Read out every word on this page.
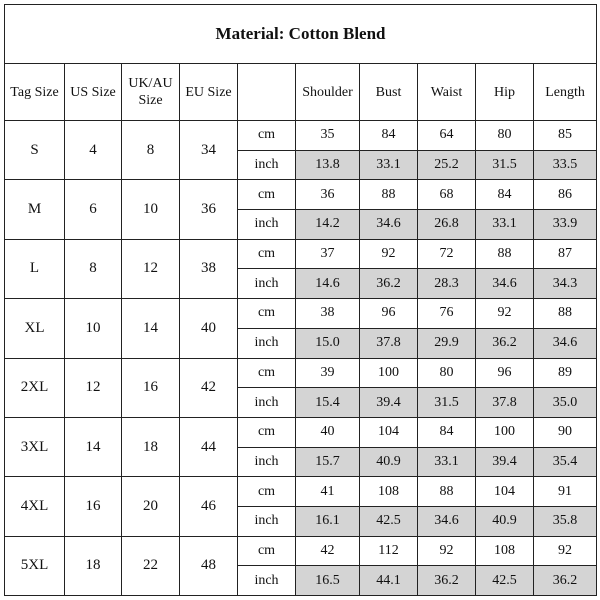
Material: Cotton Blend									
Tag Size	US Size	UK/AU Size	EU Size		Shoulder	Bust	Waist	Hip	Length
S	4	8	34	cm	35	84	64	80	85
				inch	13.8	33.1	25.2	31.5	33.5
M	6	10	36	cm	36	88	68	84	86
				inch	14.2	34.6	26.8	33.1	33.9
L	8	12	38	cm	37	92	72	88	87
				inch	14.6	36.2	28.3	34.6	34.3
XL	10	14	40	cm	38	96	76	92	88
				inch	15.0	37.8	29.9	36.2	34.6
2XL	12	16	42	cm	39	100	80	96	89
				inch	15.4	39.4	31.5	37.8	35.0
3XL	14	18	44	cm	40	104	84	100	90
				inch	15.7	40.9	33.1	39.4	35.4
4XL	16	20	46	cm	41	108	88	104	91
				inch	16.1	42.5	34.6	40.9	35.8
5XL	18	22	48	cm	42	112	92	108	92
				inch	16.5	44.1	36.2	42.5	36.2
